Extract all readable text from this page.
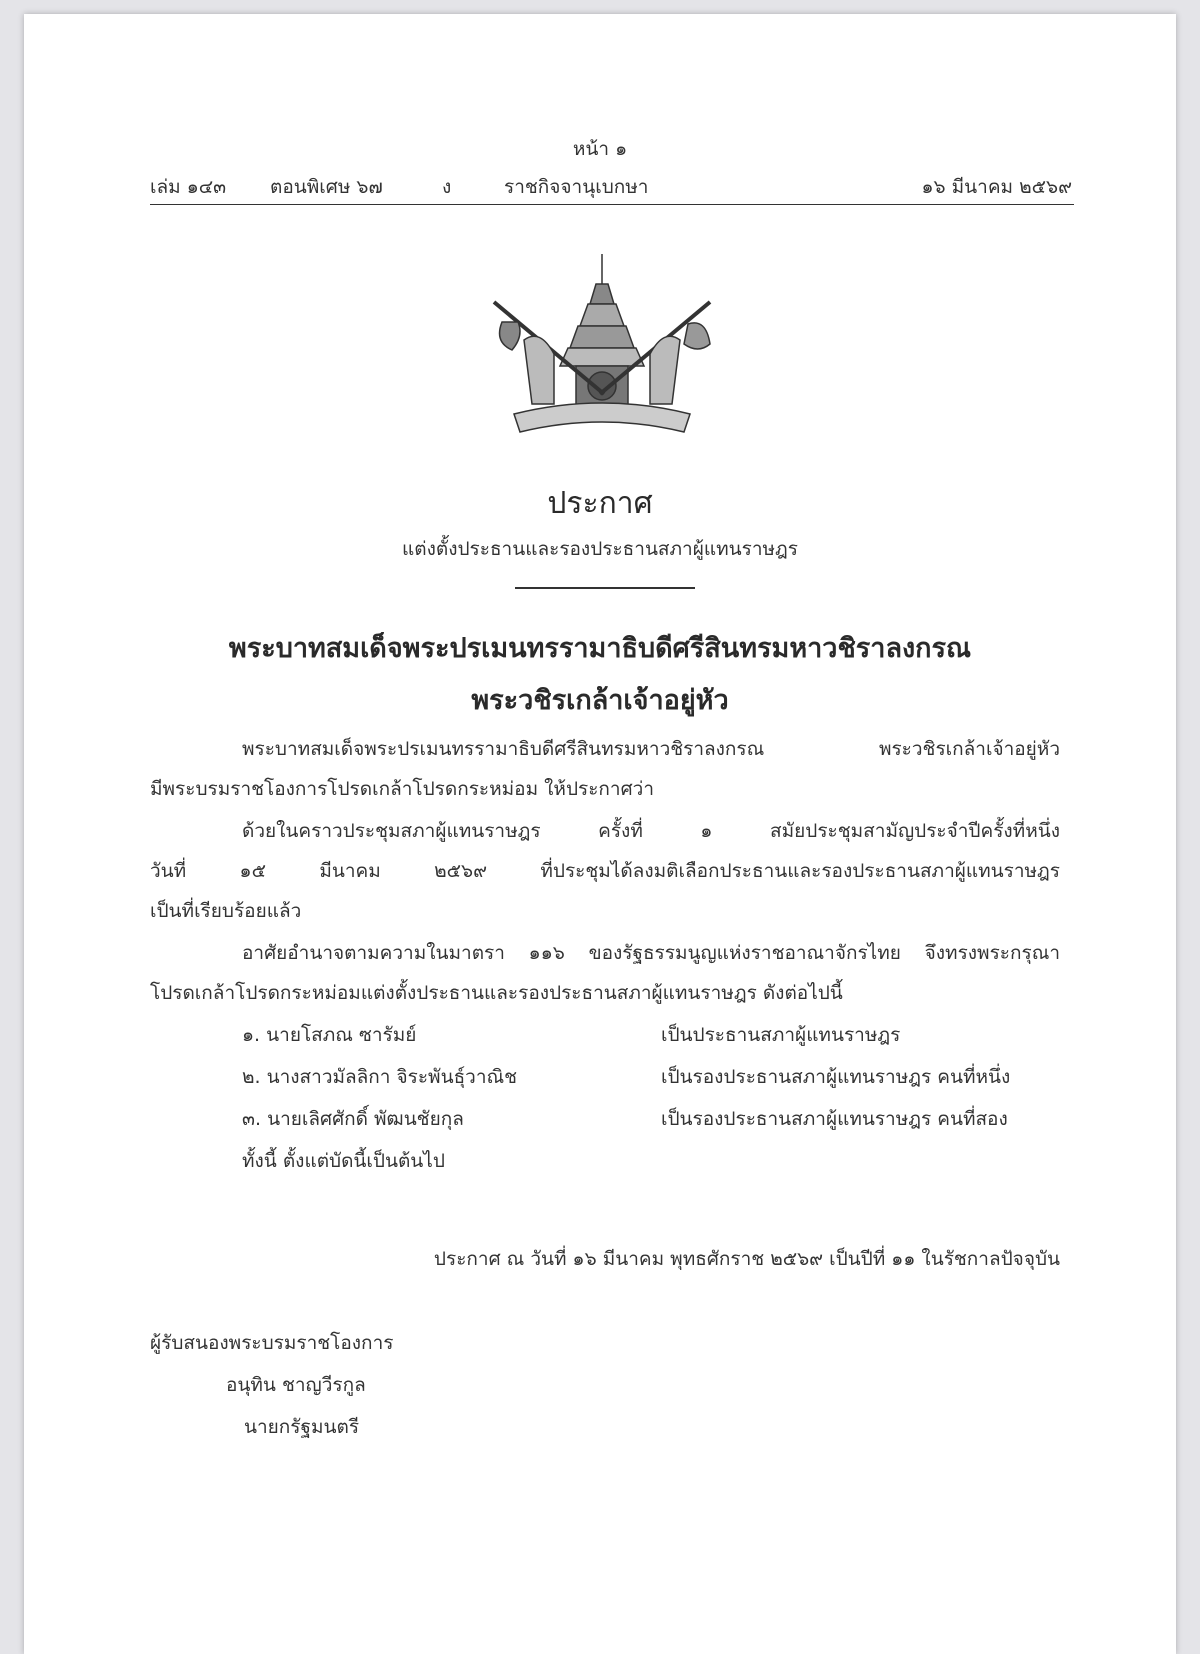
หน้า ๑
เล่ม ๑๔๓ ตอนพิเศษ ๖๗	ง	ราชกิจจานุเบกษา	๑๖ มีนาคม ๒๕๖๙
ประกาศ
แต่งตั้งประธานและรองประธานสภาผู้แทนราษฎร
พระบาทสมเด็จพระปรเมนทรรามาธิบดีศรีสินทรมหาวชิราลงกรณ
พระวชิรเกล้าเจ้าอยู่หัว
พระบาทสมเด็จพระปรเมนทรรามาธิบดีศรีสินทรมหาวชิราลงกรณ พระวชิรเกล้าเจ้าอยู่หัว
มีพระบรมราชโองการโปรดเกล้าโปรดกระหม่อม ให้ประกาศว่า
ด้วยในคราวประชุมสภาผู้แทนราษฎร ครั้งที่ ๑ สมัยประชุมสามัญประจำปีครั้งที่หนึ่ง
วันที่ ๑๕ มีนาคม ๒๕๖๙ ที่ประชุมได้ลงมติเลือกประธานและรองประธานสภาผู้แทนราษฎร
เป็นที่เรียบร้อยแล้ว
อาศัยอำนาจตามความในมาตรา ๑๑๖ ของรัฐธรรมนูญแห่งราชอาณาจักรไทย จึงทรงพระกรุณา
โปรดเกล้าโปรดกระหม่อมแต่งตั้งประธานและรองประธานสภาผู้แทนราษฎร ดังต่อไปนี้
๑. นายโสภณ ซารัมย์	เป็นประธานสภาผู้แทนราษฎร
๒. นางสาวมัลลิกา จิระพันธุ์วาณิช	เป็นรองประธานสภาผู้แทนราษฎร คนที่หนึ่ง
๓. นายเลิศศักดิ์ พัฒนชัยกุล	เป็นรองประธานสภาผู้แทนราษฎร คนที่สอง
ทั้งนี้ ตั้งแต่บัดนี้เป็นต้นไป
ประกาศ ณ วันที่ ๑๖ มีนาคม พุทธศักราช ๒๕๖๙ เป็นปีที่ ๑๑ ในรัชกาลปัจจุบัน
ผู้รับสนองพระบรมราชโองการ
อนุทิน ชาญวีรกูล
นายกรัฐมนตรี
